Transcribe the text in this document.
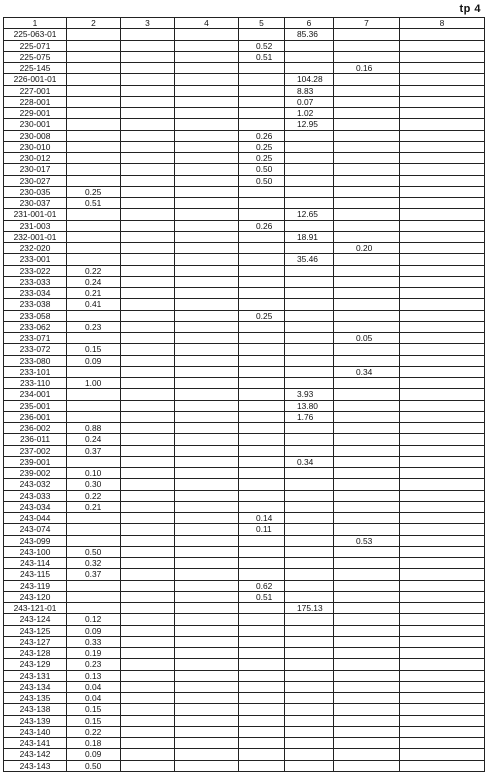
tp 4
1	2	3	4	5	6	7	8
225-063-01					85.36		
225-071				0.52			
225-075				0.51			
225-145						0.16	
226-001-01					104.28		
227-001					8.83		
228-001					0.07		
229-001					1.02		
230-001					12.95		
230-008				0.26			
230-010				0.25			
230-012				0.25			
230-017				0.50			
230-027				0.50			
230-035	0.25						
230-037	0.51						
231-001-01					12.65		
231-003				0.26			
232-001-01					18.91		
232-020						0.20	
233-001					35.46		
233-022	0.22						
233-033	0.24						
233-034	0.21						
233-038	0.41						
233-058				0.25			
233-062	0.23						
233-071						0.05	
233-072	0.15						
233-080	0.09						
233-101						0.34	
233-110	1.00						
234-001					3.93		
235-001					13.80		
236-001					1.76		
236-002	0.88						
236-011	0.24						
237-002	0.37						
239-001					0.34		
239-002	0.10						
243-032	0.30						
243-033	0.22						
243-034	0.21						
243-044				0.14			
243-074				0.11			
243-099						0.53	
243-100	0.50						
243-114	0.32						
243-115	0.37						
243-119				0.62			
243-120				0.51			
243-121-01					175.13		
243-124	0.12						
243-125	0.09						
243-127	0.33						
243-128	0.19						
243-129	0.23						
243-131	0.13						
243-134	0.04						
243-135	0.04						
243-138	0.15						
243-139	0.15						
243-140	0.22						
243-141	0.18						
243-142	0.09						
243-143	0.50						
